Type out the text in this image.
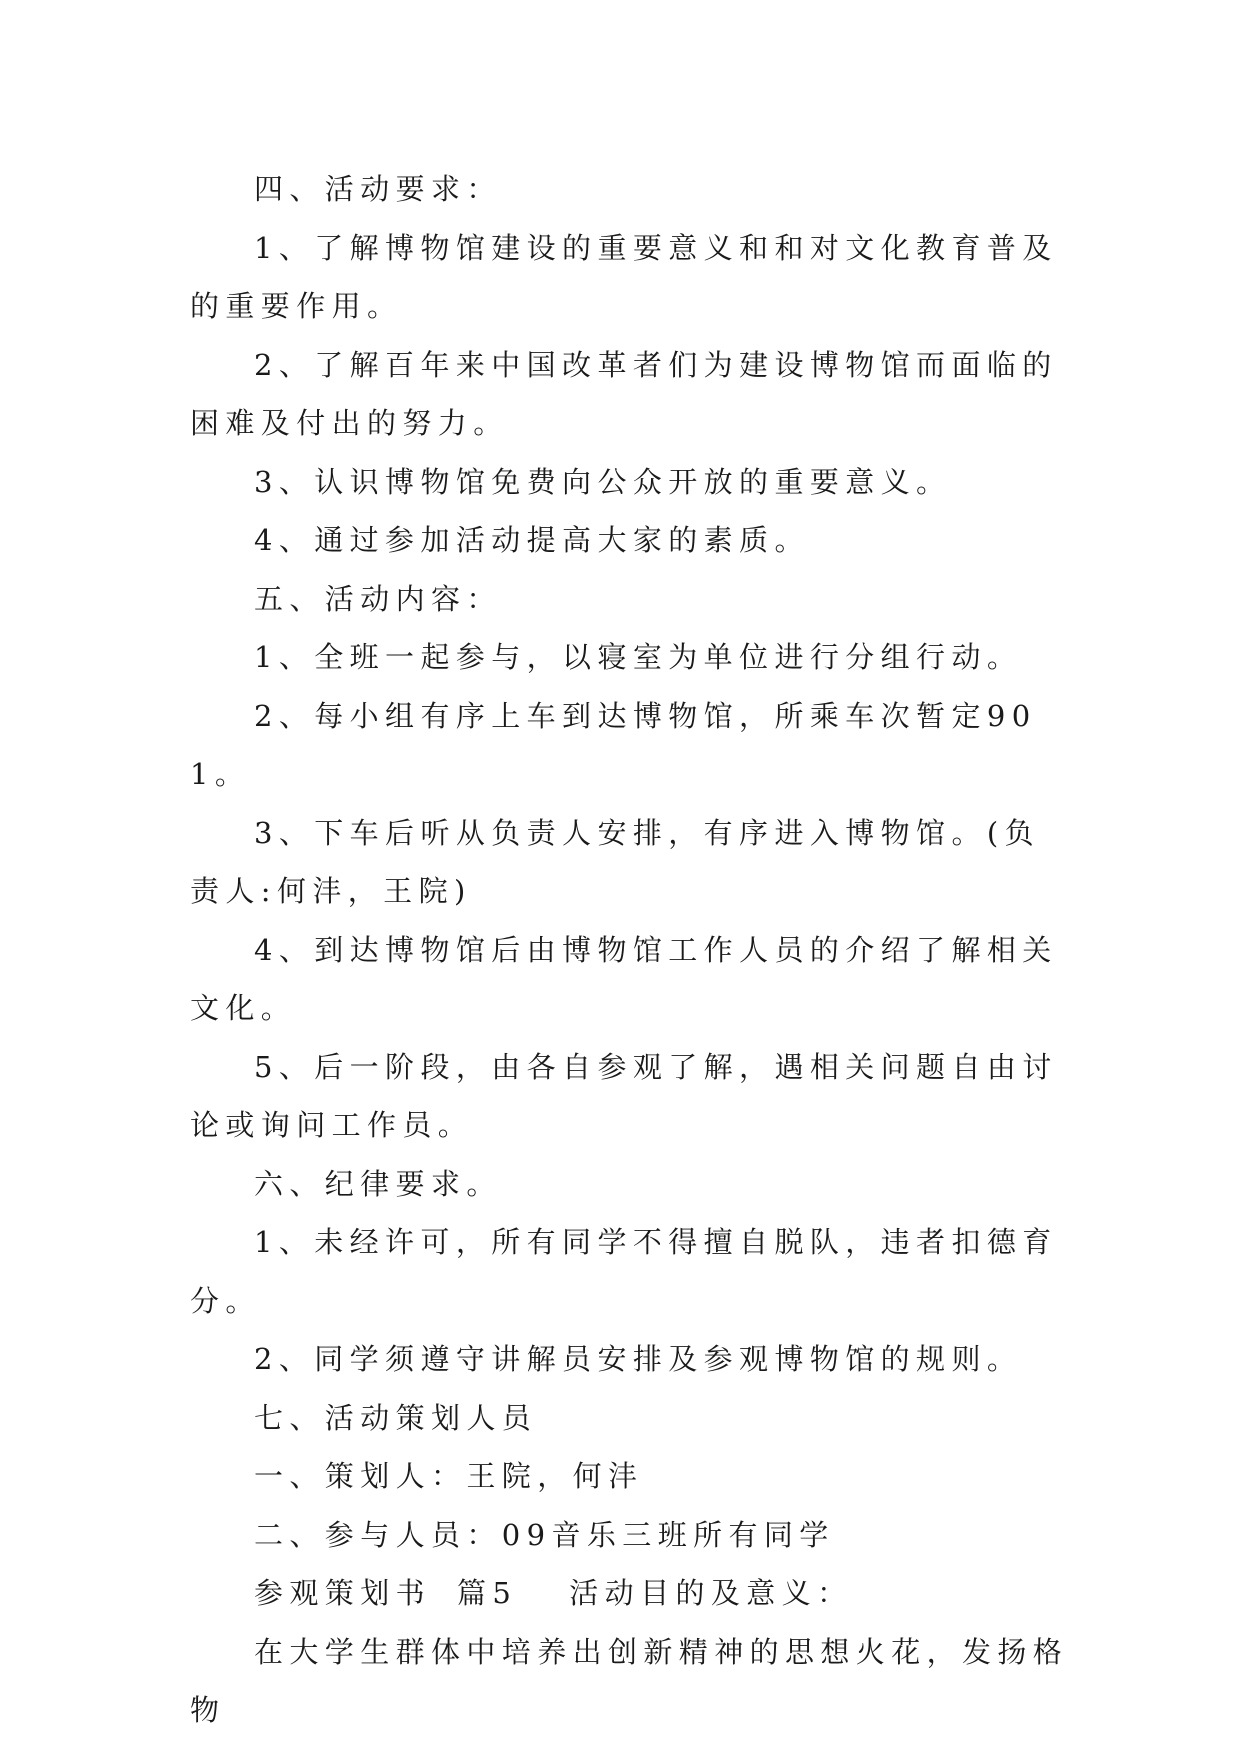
四、活动要求：

1、了解博物馆建设的重要意义和和对文化教育普及的重要作用。

2、了解百年来中国改革者们为建设博物馆而面临的困难及付出的努力。

3、认识博物馆免费向公众开放的重要意义。

4、通过参加活动提高大家的素质。

五、活动内容：

1、全班一起参与，以寝室为单位进行分组行动。

2、每小组有序上车到达博物馆，所乘车次暂定901。

3、下车后听从负责人安排，有序进入博物馆。(负责人:何沣，王院)

4、到达博物馆后由博物馆工作人员的介绍了解相关文化。

5、后一阶段，由各自参观了解，遇相关问题自由讨论或询问工作员。

六、纪律要求。

1、未经许可，所有同学不得擅自脱队，违者扣德育分。

2、同学须遵守讲解员安排及参观博物馆的规则。

七、活动策划人员

一、策划人：王院，何沣

二、参与人员：09音乐三班所有同学

参观策划书 篇5 活动目的及意义：

在大学生群体中培养出创新精神的思想火花，发扬格物
